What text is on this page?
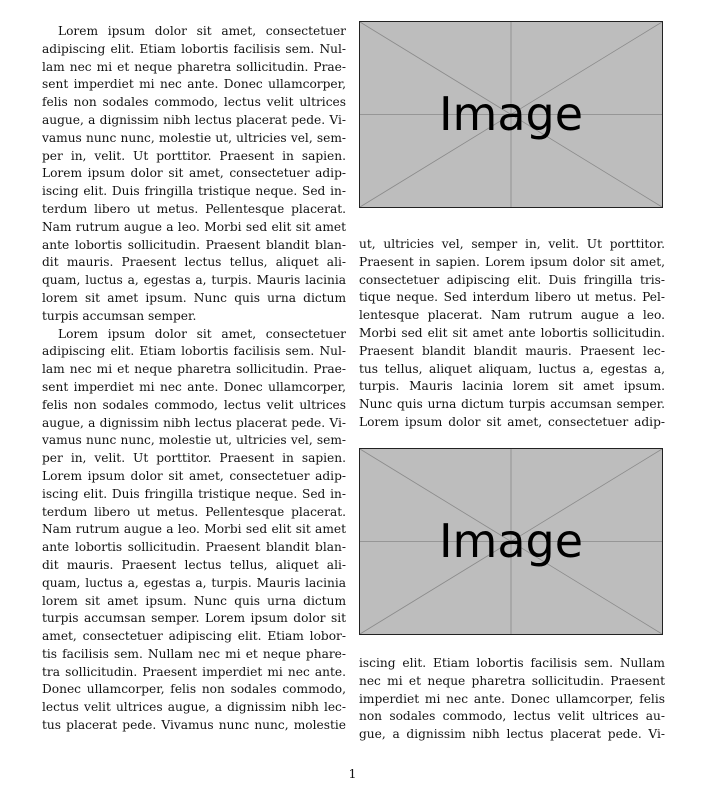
Lorem ipsum dolor sit amet, consectetuer
adipiscing elit. Etiam lobortis facilisis sem. Nul-
lam nec mi et neque pharetra sollicitudin. Prae-
sent imperdiet mi nec ante. Donec ullamcorper,
felis non sodales commodo, lectus velit ultrices
augue, a dignissim nibh lectus placerat pede. Vi-
vamus nunc nunc, molestie ut, ultricies vel, sem-
per in, velit. Ut porttitor. Praesent in sapien.
Lorem ipsum dolor sit amet, consectetuer adip-
iscing elit. Duis fringilla tristique neque. Sed in-
terdum libero ut metus. Pellentesque placerat.
Nam rutrum augue a leo. Morbi sed elit sit amet
ante lobortis sollicitudin. Praesent blandit blan-
dit mauris. Praesent lectus tellus, aliquet ali-
quam, luctus a, egestas a, turpis. Mauris lacinia
lorem sit amet ipsum. Nunc quis urna dictum
turpis accumsan semper.
Lorem ipsum dolor sit amet, consectetuer
adipiscing elit. Etiam lobortis facilisis sem. Nul-
lam nec mi et neque pharetra sollicitudin. Prae-
sent imperdiet mi nec ante. Donec ullamcorper,
felis non sodales commodo, lectus velit ultrices
augue, a dignissim nibh lectus placerat pede. Vi-
vamus nunc nunc, molestie ut, ultricies vel, sem-
per in, velit. Ut porttitor. Praesent in sapien.
Lorem ipsum dolor sit amet, consectetuer adip-
iscing elit. Duis fringilla tristique neque. Sed in-
terdum libero ut metus. Pellentesque placerat.
Nam rutrum augue a leo. Morbi sed elit sit amet
ante lobortis sollicitudin. Praesent blandit blan-
dit mauris. Praesent lectus tellus, aliquet ali-
quam, luctus a, egestas a, turpis. Mauris lacinia
lorem sit amet ipsum. Nunc quis urna dictum
turpis accumsan semper. Lorem ipsum dolor sit
amet, consectetuer adipiscing elit. Etiam lobor-
tis facilisis sem. Nullam nec mi et neque phare-
tra sollicitudin. Praesent imperdiet mi nec ante.
Donec ullamcorper, felis non sodales commodo,
lectus velit ultrices augue, a dignissim nibh lec-
tus placerat pede. Vivamus nunc nunc, molestie
Image
ut, ultricies vel, semper in, velit. Ut porttitor.
Praesent in sapien. Lorem ipsum dolor sit amet,
consectetuer adipiscing elit. Duis fringilla tris-
tique neque. Sed interdum libero ut metus. Pel-
lentesque placerat. Nam rutrum augue a leo.
Morbi sed elit sit amet ante lobortis sollicitudin.
Praesent blandit blandit mauris. Praesent lec-
tus tellus, aliquet aliquam, luctus a, egestas a,
turpis. Mauris lacinia lorem sit amet ipsum.
Nunc quis urna dictum turpis accumsan semper.
Lorem ipsum dolor sit amet, consectetuer adip-
Image
iscing elit. Etiam lobortis facilisis sem. Nullam
nec mi et neque pharetra sollicitudin. Praesent
imperdiet mi nec ante. Donec ullamcorper, felis
non sodales commodo, lectus velit ultrices au-
gue, a dignissim nibh lectus placerat pede. Vi-
1
